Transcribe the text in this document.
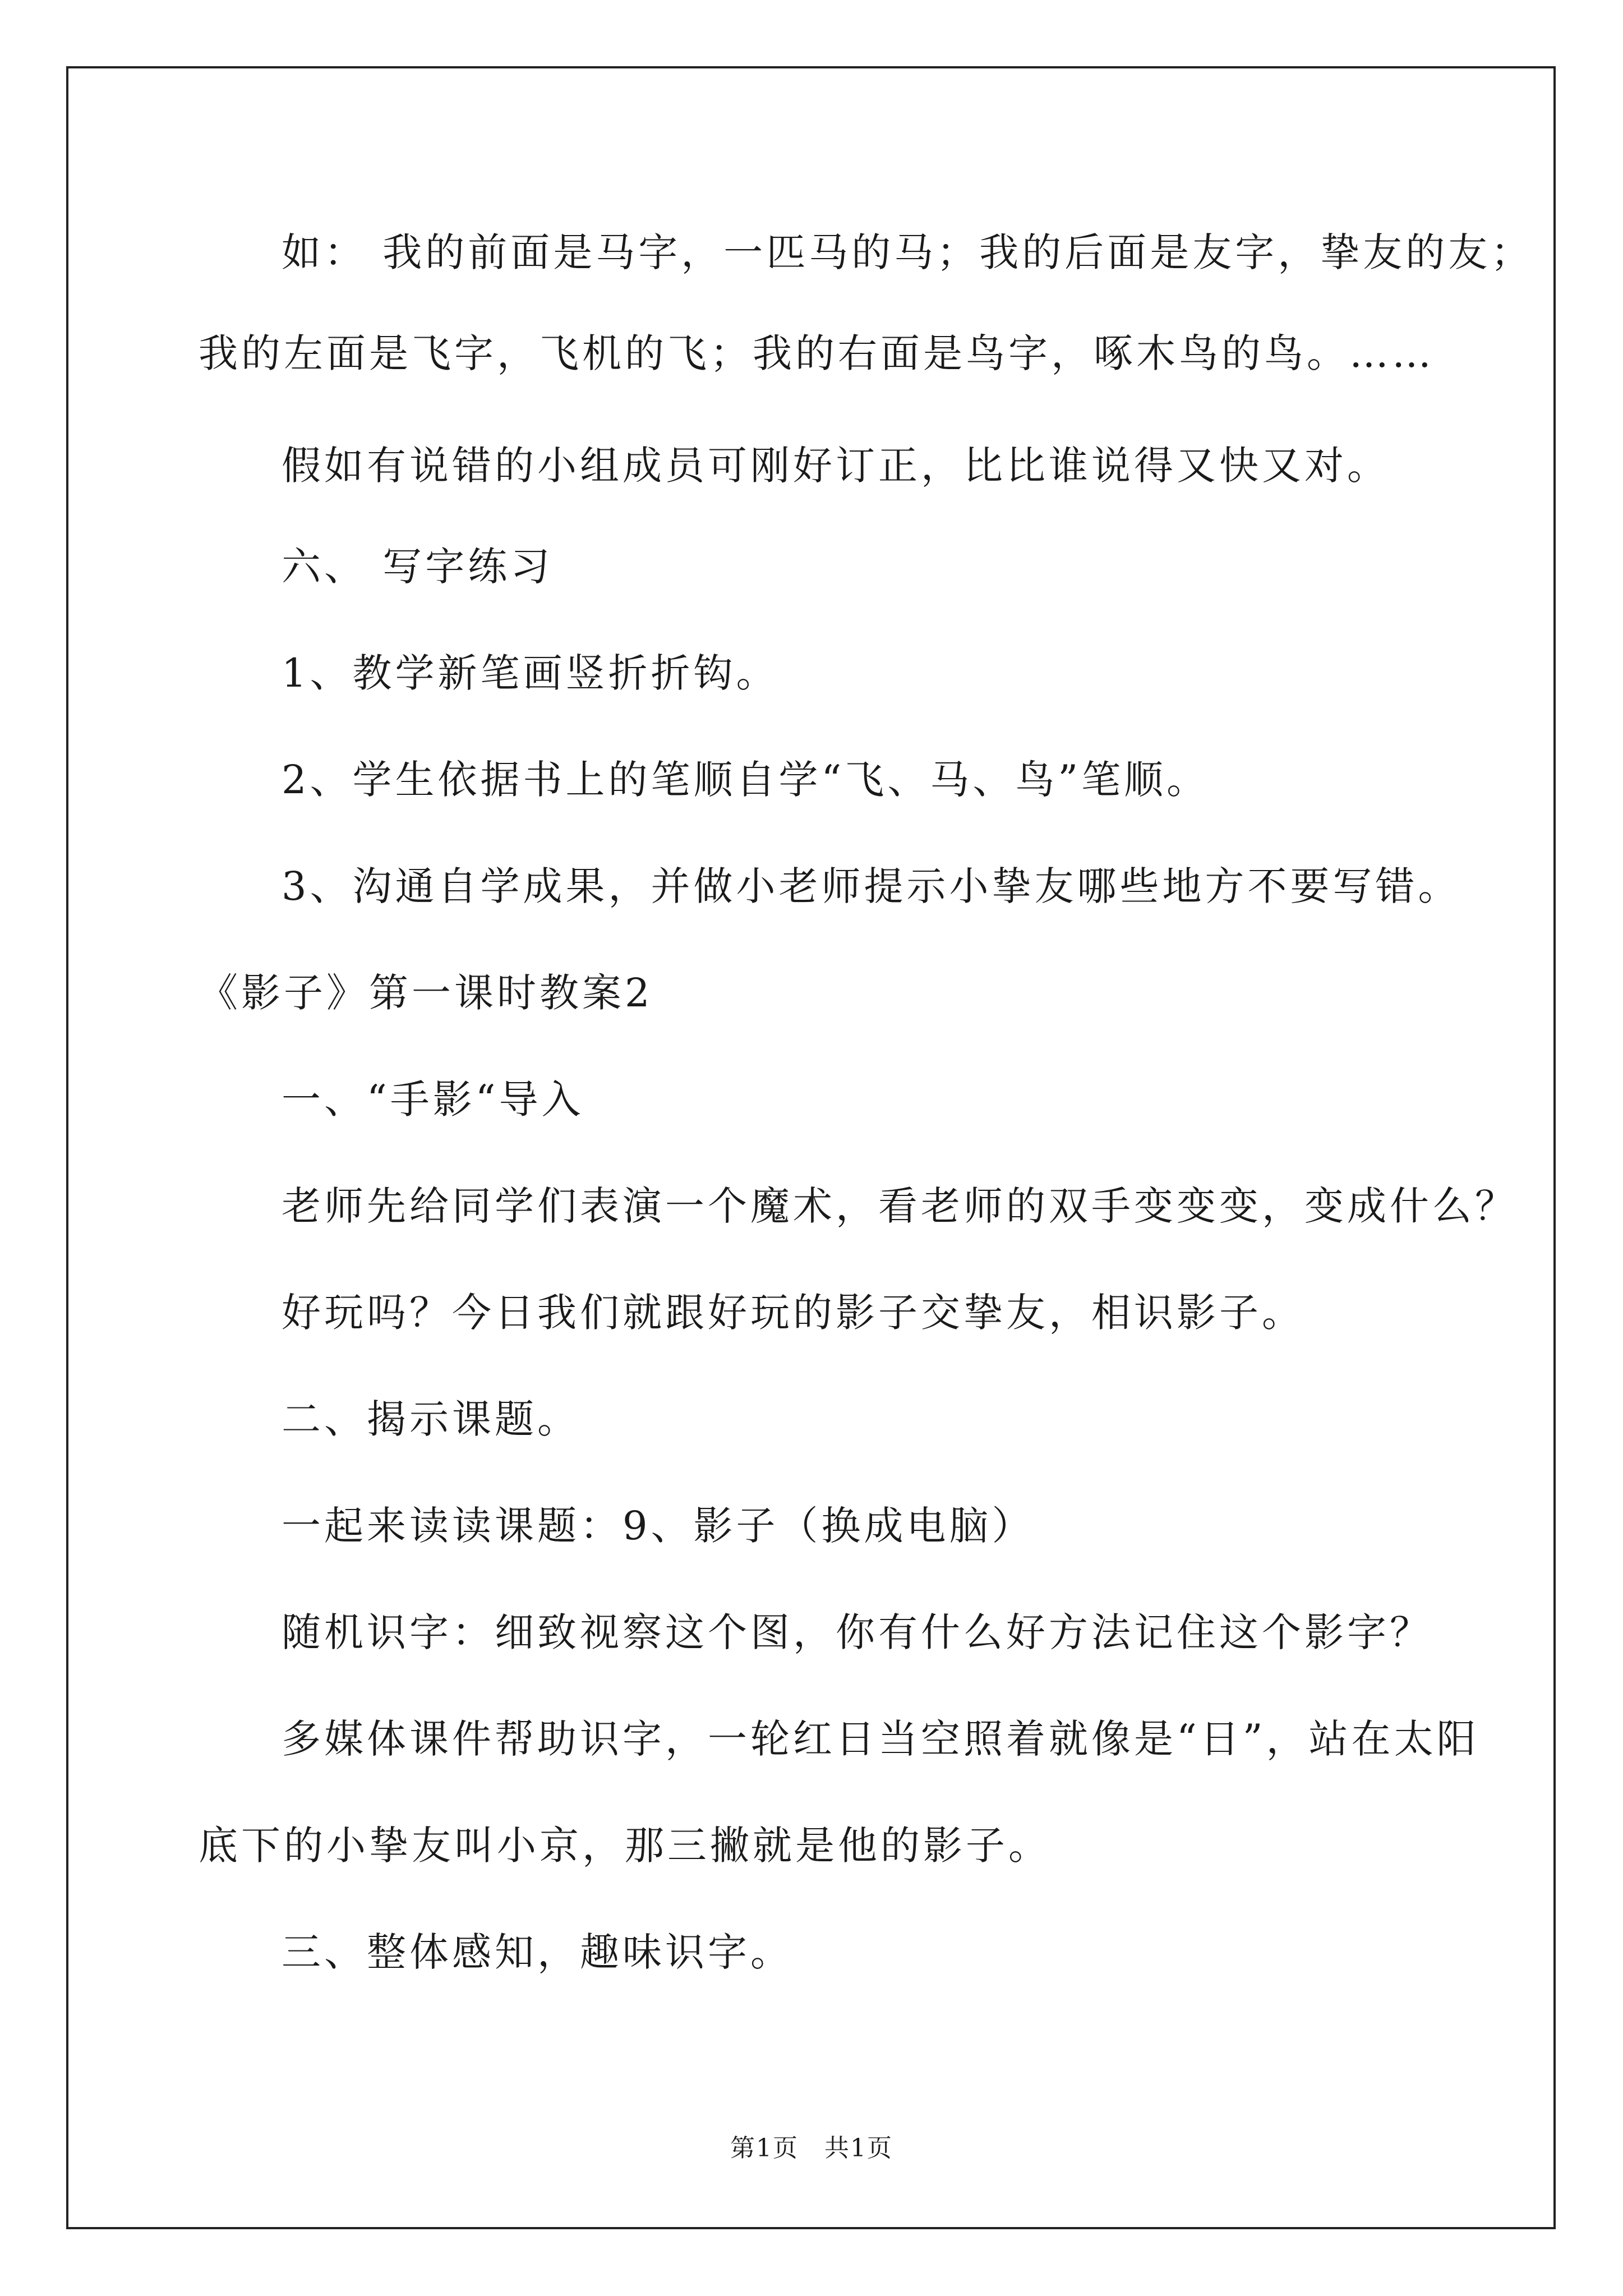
如： 我的前面是马字，一匹马的马；我的后面是友字，挚友的友；
我的左面是飞字，飞机的飞；我的右面是鸟字，啄木鸟的鸟。……
假如有说错的小组成员可刚好订正，比比谁说得又快又对。
六、 写字练习
1、教学新笔画竖折折钩。
2、学生依据书上的笔顺自学“飞、马、鸟”笔顺。
3、沟通自学成果，并做小老师提示小挚友哪些地方不要写错。
《影子》第一课时教案2
一、“手影“导入
老师先给同学们表演一个魔术，看老师的双手变变变，变成什么？
好玩吗？今日我们就跟好玩的影子交挚友，相识影子。
二、揭示课题。
一起来读读课题：9、影子（换成电脑）
随机识字：细致视察这个图，你有什么好方法记住这个影字？
多媒体课件帮助识字，一轮红日当空照着就像是“日”，站在太阳
底下的小挚友叫小京，那三撇就是他的影子。
三、整体感知，趣味识字。
第1页　共1页
